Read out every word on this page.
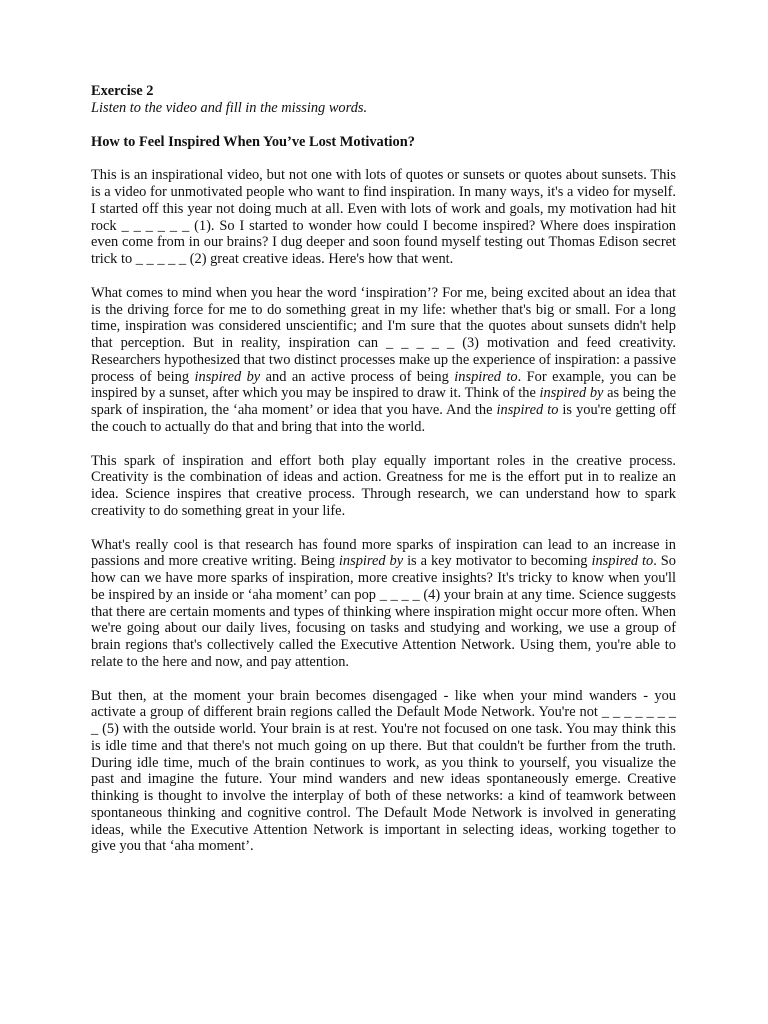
Exercise 2

Listen to the video and fill in the missing words.

How to Feel Inspired When You’ve Lost Motivation?

This is an inspirational video, but not one with lots of quotes or sunsets or quotes about sunsets. This is a video for unmotivated people who want to find inspiration. In many ways, it's a video for myself. I started off this year not doing much at all. Even with lots of work and goals, my motivation had hit rock _ _ _ _ _ _ (1). So I started to wonder how could I become inspired? Where does inspiration even come from in our brains? I dug deeper and soon found myself testing out Thomas Edison secret trick to _ _ _ _ _ (2) great creative ideas. Here's how that went.

What comes to mind when you hear the word ‘inspiration’? For me, being excited about an idea that is the driving force for me to do something great in my life: whether that's big or small. For a long time, inspiration was considered unscientific; and I'm sure that the quotes about sunsets didn't help that perception. But in reality, inspiration can _ _ _ _ _ (3) motivation and feed creativity. Researchers hypothesized that two distinct processes make up the experience of inspiration: a passive process of being inspired by and an active process of being inspired to. For example, you can be inspired by a sunset, after which you may be inspired to draw it. Think of the inspired by as being the spark of inspiration, the ‘aha moment’ or idea that you have. And the inspired to is you're getting off the couch to actually do that and bring that into the world.

This spark of inspiration and effort both play equally important roles in the creative process. Creativity is the combination of ideas and action. Greatness for me is the effort put in to realize an idea. Science inspires that creative process. Through research, we can understand how to spark creativity to do something great in your life.

What's really cool is that research has found more sparks of inspiration can lead to an increase in passions and more creative writing. Being inspired by is a key motivator to becoming inspired to. So how can we have more sparks of inspiration, more creative insights? It's tricky to know when you'll be inspired by an inside or ‘aha moment’ can pop _ _ _ _ (4) your brain at any time. Science suggests that there are certain moments and types of thinking where inspiration might occur more often. When we're going about our daily lives, focusing on tasks and studying and working, we use a group of brain regions that's collectively called the Executive Attention Network. Using them, you're able to relate to the here and now, and pay attention.

But then, at the moment your brain becomes disengaged - like when your mind wanders - you activate a group of different brain regions called the Default Mode Network. You're not _ _ _ _ _ _ _ _ (5) with the outside world. Your brain is at rest. You're not focused on one task. You may think this is idle time and that there's not much going on up there. But that couldn't be further from the truth. During idle time, much of the brain continues to work, as you think to yourself, you visualize the past and imagine the future. Your mind wanders and new ideas spontaneously emerge. Creative thinking is thought to involve the interplay of both of these networks: a kind of teamwork between spontaneous thinking and cognitive control. The Default Mode Network is involved in generating ideas, while the Executive Attention Network is important in selecting ideas, working together to give you that ‘aha moment’.
